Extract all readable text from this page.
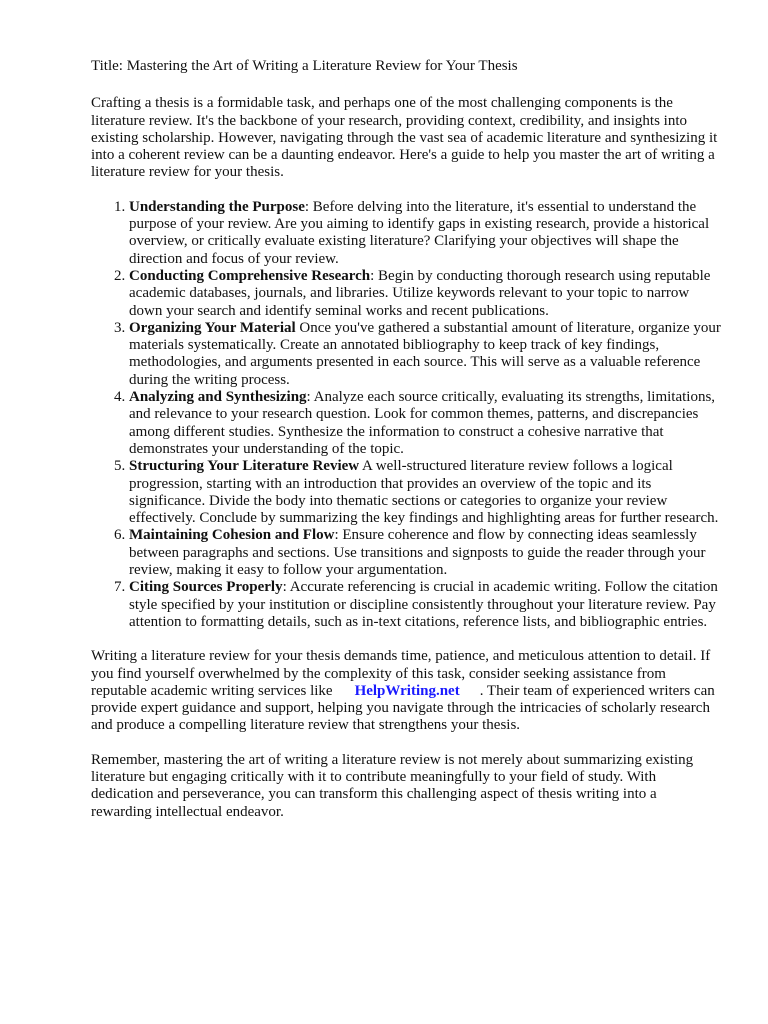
Title: Mastering the Art of Writing a Literature Review for Your Thesis

Crafting a thesis is a formidable task, and perhaps one of the most challenging components is the literature review. It's the backbone of your research, providing context, credibility, and insights into existing scholarship. However, navigating through the vast sea of academic literature and synthesizing it into a coherent review can be a daunting endeavor. Here's a guide to help you master the art of writing a literature review for your thesis.

1. Understanding the Purpose: Before delving into the literature, it's essential to understand the purpose of your review. Are you aiming to identify gaps in existing research, provide a historical overview, or critically evaluate existing literature? Clarifying your objectives will shape the direction and focus of your review.
2. Conducting Comprehensive Research: Begin by conducting thorough research using reputable academic databases, journals, and libraries. Utilize keywords relevant to your topic to narrow down your search and identify seminal works and recent publications.
3. Organizing Your Material Once you've gathered a substantial amount of literature, organize your materials systematically. Create an annotated bibliography to keep track of key findings, methodologies, and arguments presented in each source. This will serve as a valuable reference during the writing process.
4. Analyzing and Synthesizing: Analyze each source critically, evaluating its strengths, limitations, and relevance to your research question. Look for common themes, patterns, and discrepancies among different studies. Synthesize the information to construct a cohesive narrative that demonstrates your understanding of the topic.
5. Structuring Your Literature Review A well-structured literature review follows a logical progression, starting with an introduction that provides an overview of the topic and its significance. Divide the body into thematic sections or categories to organize your review effectively. Conclude by summarizing the key findings and highlighting areas for further research.
6. Maintaining Cohesion and Flow: Ensure coherence and flow by connecting ideas seamlessly between paragraphs and sections. Use transitions and signposts to guide the reader through your review, making it easy to follow your argumentation.
7. Citing Sources Properly: Accurate referencing is crucial in academic writing. Follow the citation style specified by your institution or discipline consistently throughout your literature review. Pay attention to formatting details, such as in-text citations, reference lists, and bibliographic entries.

Writing a literature review for your thesis demands time, patience, and meticulous attention to detail. If you find yourself overwhelmed by the complexity of this task, consider seeking assistance from reputable academic writing services like HelpWriting.net . Their team of experienced writers can provide expert guidance and support, helping you navigate through the intricacies of scholarly research and produce a compelling literature review that strengthens your thesis.

Remember, mastering the art of writing a literature review is not merely about summarizing existing literature but engaging critically with it to contribute meaningfully to your field of study. With dedication and perseverance, you can transform this challenging aspect of thesis writing into a rewarding intellectual endeavor.
